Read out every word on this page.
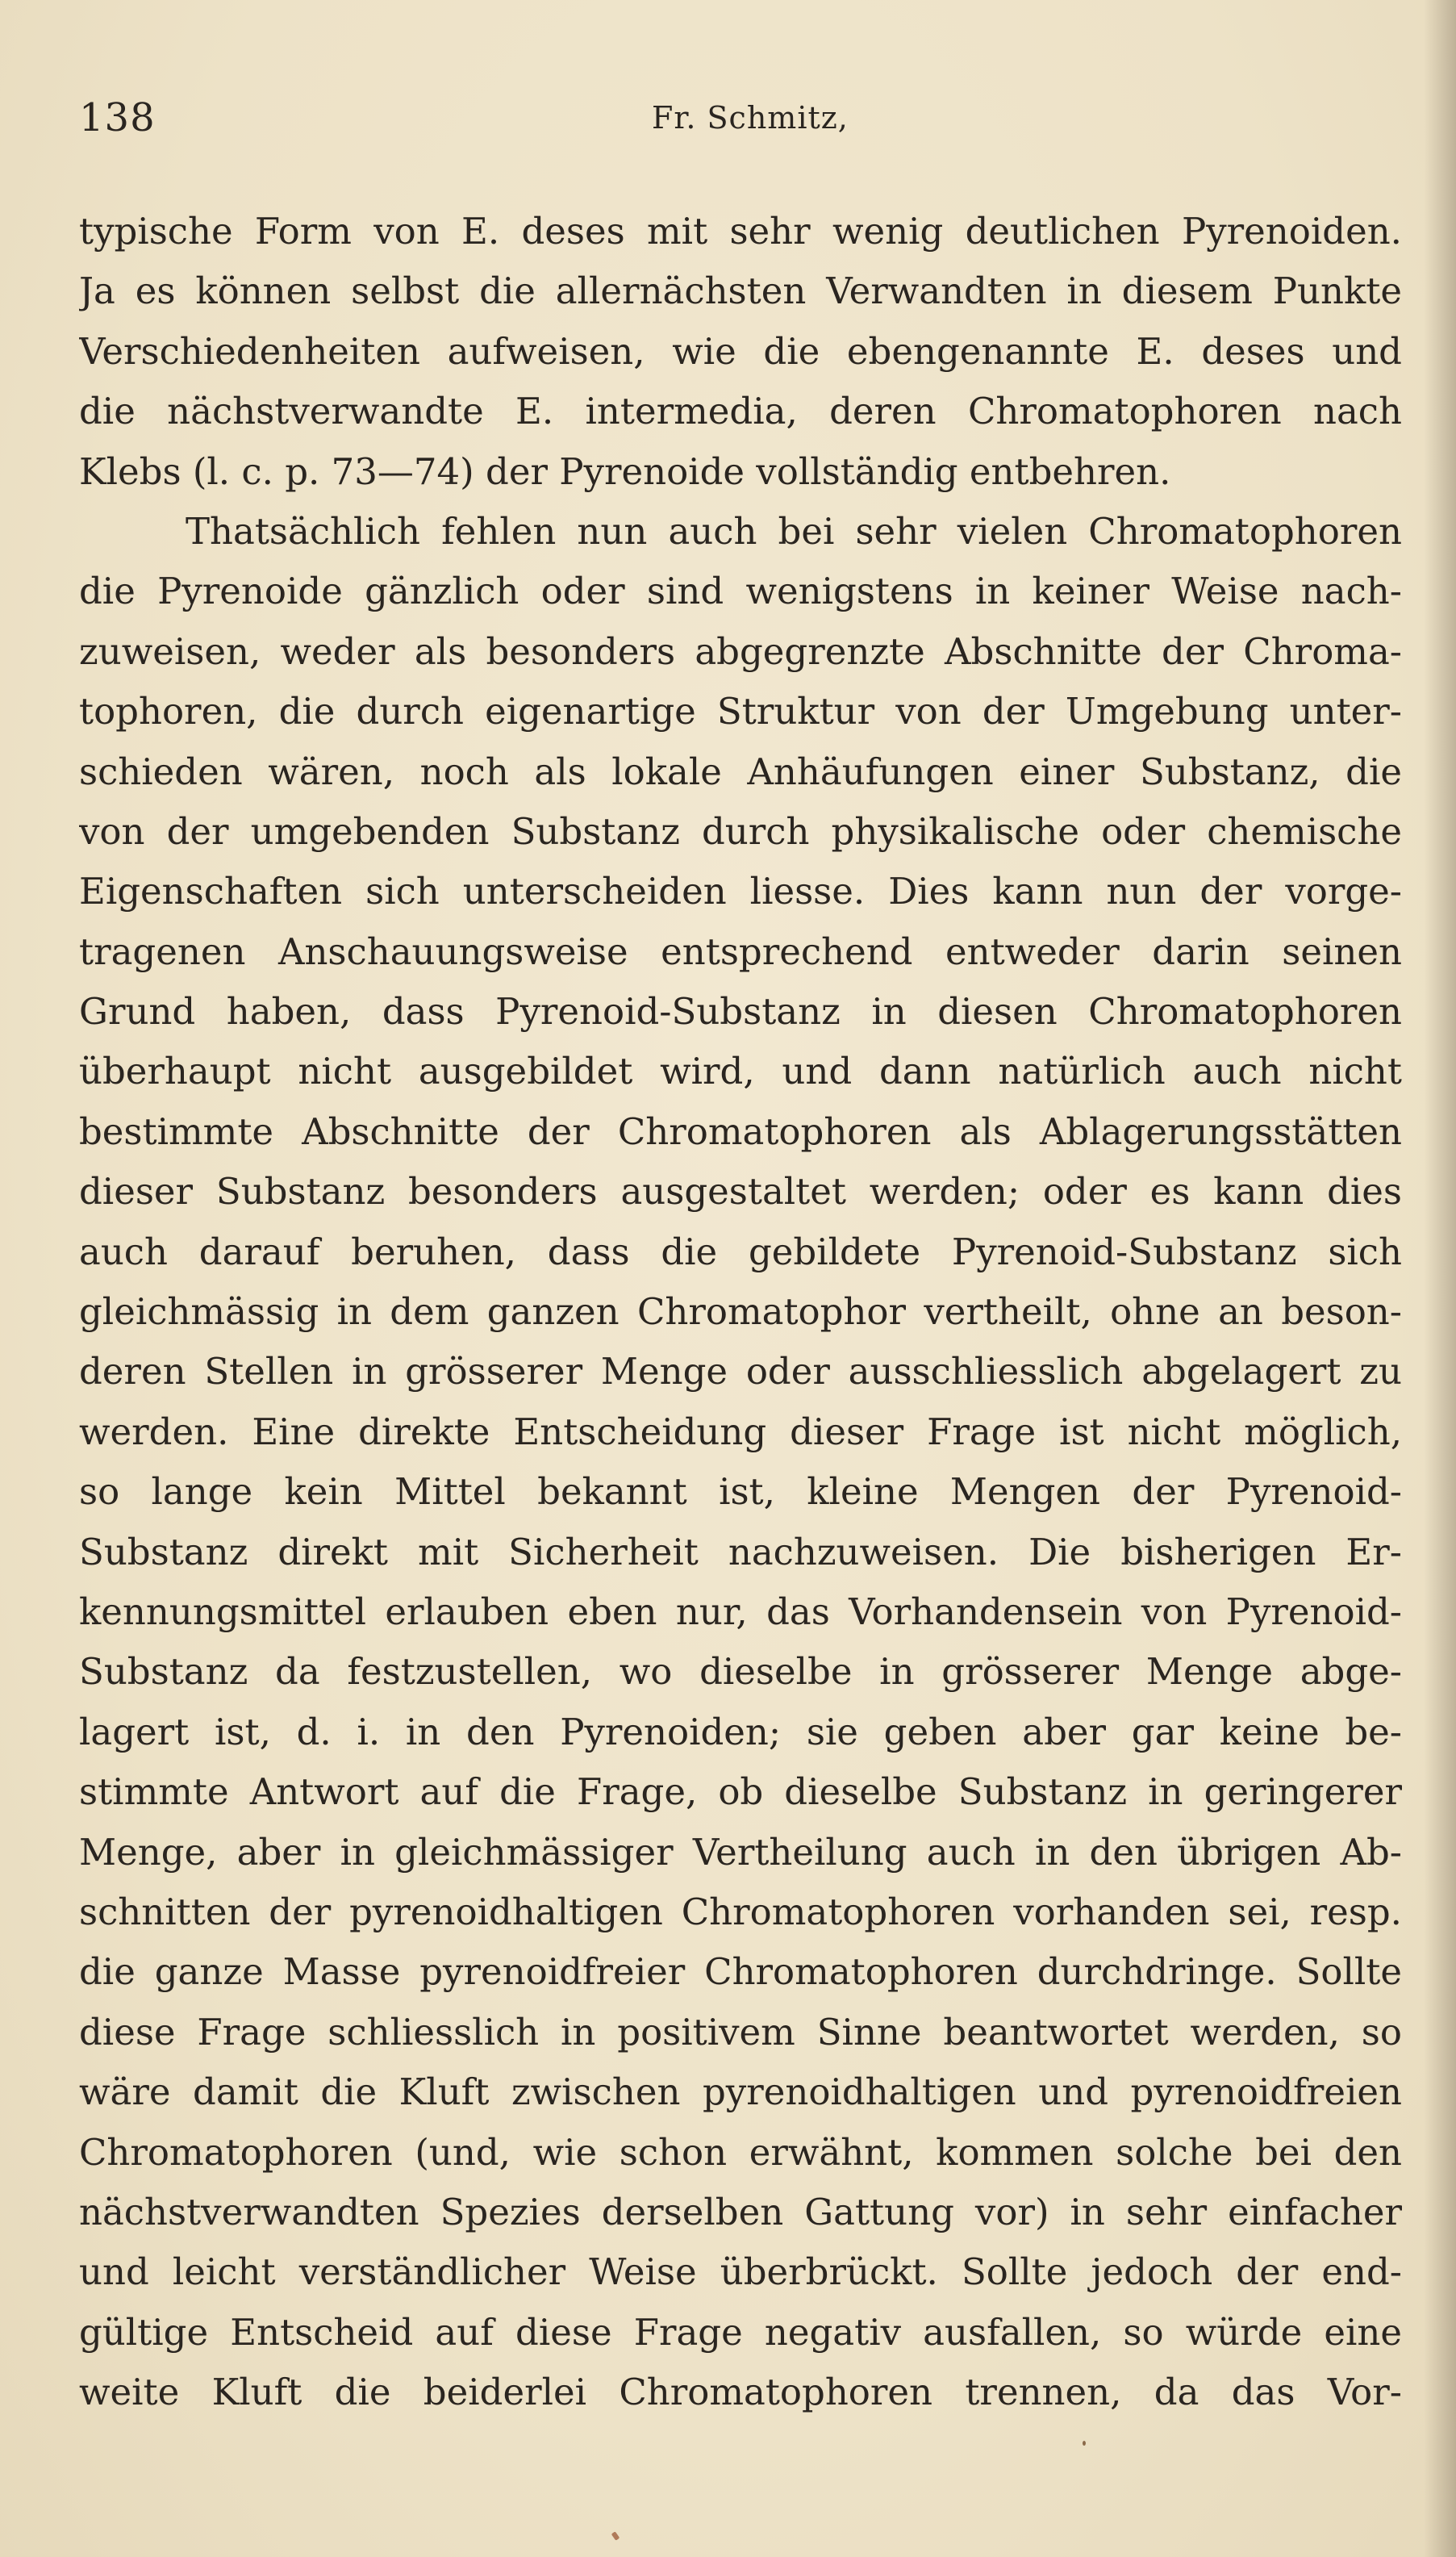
138	Fr. Schmitz,
typische Form von E. deses mit sehr wenig deutlichen Pyrenoiden.
Ja es können selbst die allernächsten Verwandten in diesem Punkte
Verschiedenheiten aufweisen, wie die ebengenannte E. deses und
die nächstverwandte E. intermedia, deren Chromatophoren nach
Klebs (l. c. p. 73—74) der Pyrenoide vollständig entbehren.
Thatsächlich fehlen nun auch bei sehr vielen Chromatophoren
die Pyrenoide gänzlich oder sind wenigstens in keiner Weise nach-
zuweisen, weder als besonders abgegrenzte Abschnitte der Chroma-
tophoren, die durch eigenartige Struktur von der Umgebung unter-
schieden wären, noch als lokale Anhäufungen einer Substanz, die
von der umgebenden Substanz durch physikalische oder chemische
Eigenschaften sich unterscheiden liesse. Dies kann nun der vorge-
tragenen Anschauungsweise entsprechend entweder darin seinen
Grund haben, dass Pyrenoid-Substanz in diesen Chromatophoren
überhaupt nicht ausgebildet wird, und dann natürlich auch nicht
bestimmte Abschnitte der Chromatophoren als Ablagerungsstätten
dieser Substanz besonders ausgestaltet werden; oder es kann dies
auch darauf beruhen, dass die gebildete Pyrenoid-Substanz sich
gleichmässig in dem ganzen Chromatophor vertheilt, ohne an beson-
deren Stellen in grösserer Menge oder ausschliesslich abgelagert zu
werden. Eine direkte Entscheidung dieser Frage ist nicht möglich,
so lange kein Mittel bekannt ist, kleine Mengen der Pyrenoid-
Substanz direkt mit Sicherheit nachzuweisen. Die bisherigen Er-
kennungsmittel erlauben eben nur, das Vorhandensein von Pyrenoid-
Substanz da festzustellen, wo dieselbe in grösserer Menge abge-
lagert ist, d. i. in den Pyrenoiden; sie geben aber gar keine be-
stimmte Antwort auf die Frage, ob dieselbe Substanz in geringerer
Menge, aber in gleichmässiger Vertheilung auch in den übrigen Ab-
schnitten der pyrenoidhaltigen Chromatophoren vorhanden sei, resp.
die ganze Masse pyrenoidfreier Chromatophoren durchdringe. Sollte
diese Frage schliesslich in positivem Sinne beantwortet werden, so
wäre damit die Kluft zwischen pyrenoidhaltigen und pyrenoidfreien
Chromatophoren (und, wie schon erwähnt, kommen solche bei den
nächstverwandten Spezies derselben Gattung vor) in sehr einfacher
und leicht verständlicher Weise überbrückt. Sollte jedoch der end-
gültige Entscheid auf diese Frage negativ ausfallen, so würde eine
weite Kluft die beiderlei Chromatophoren trennen, da das Vor-
